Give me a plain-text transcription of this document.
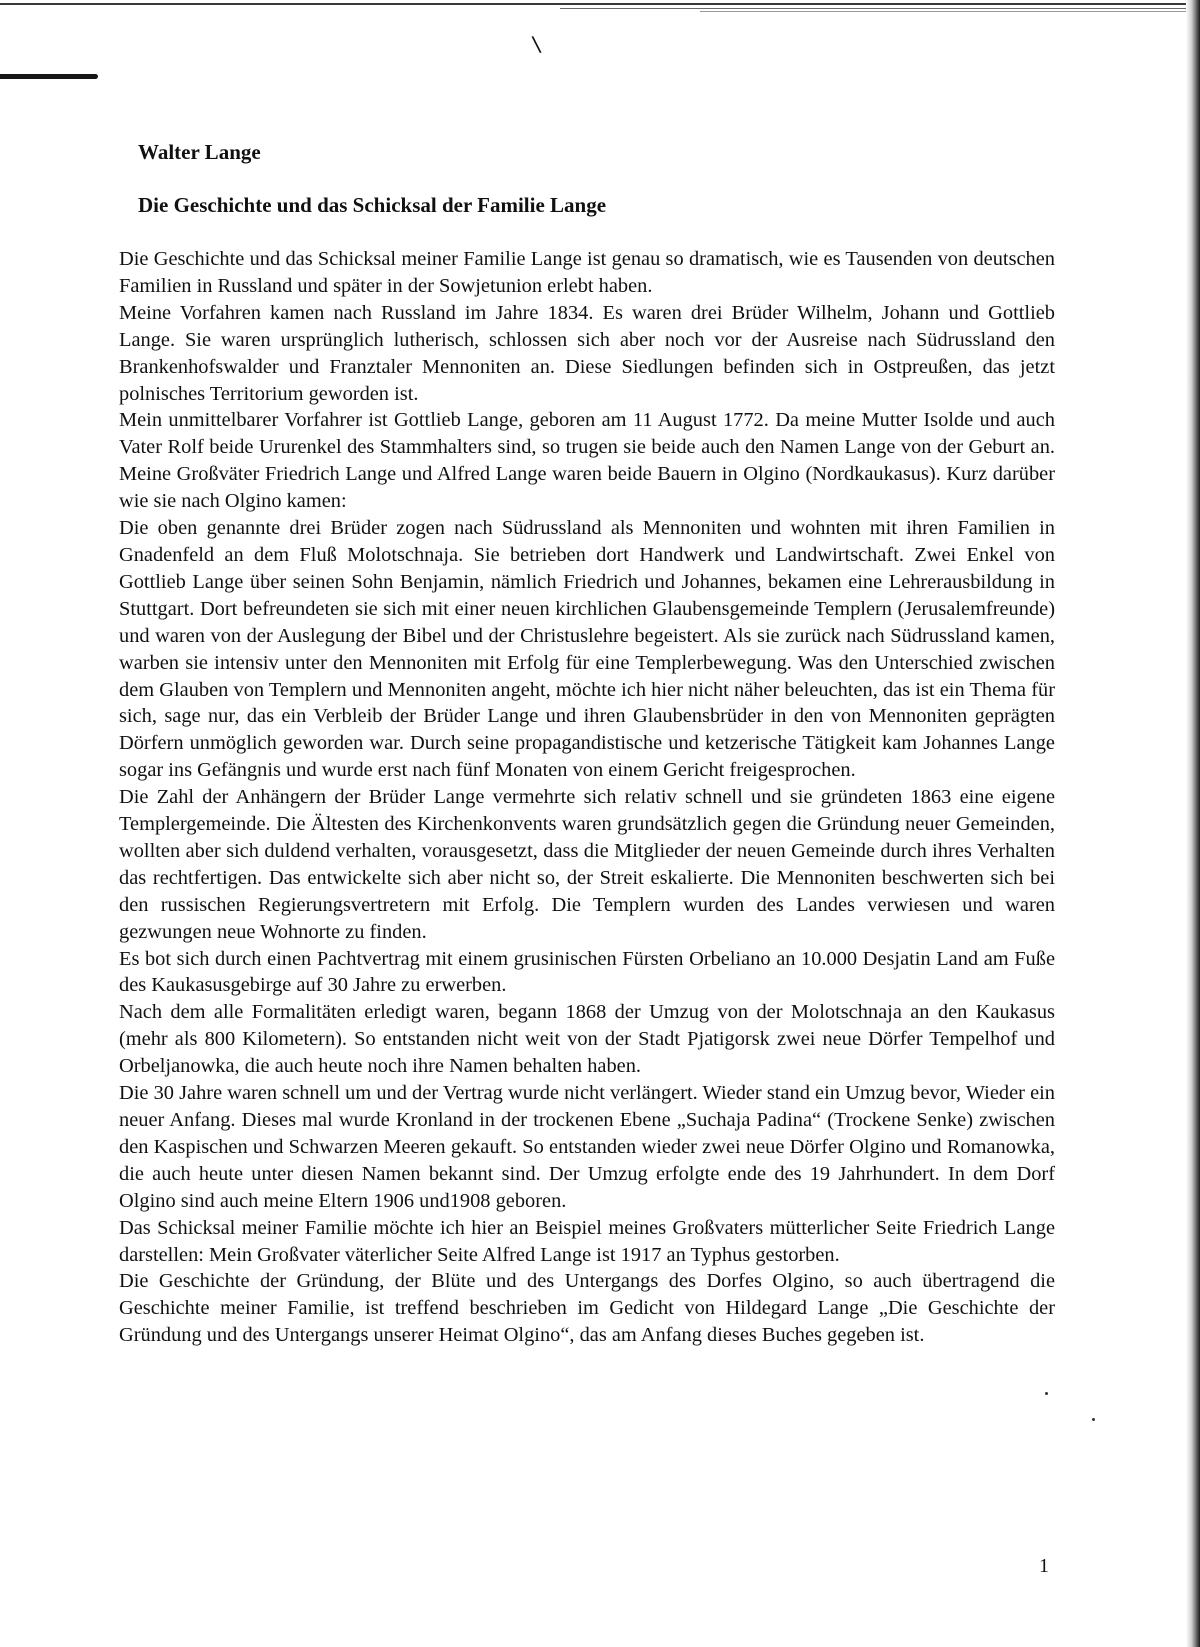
\
Walter Lange
Die Geschichte und das Schicksal der Familie Lange

Die Geschichte und das Schicksal meiner Familie Lange ist genau so dramatisch, wie es Tausenden von deutschen Familien in Russland und später in der Sowjetunion erlebt haben.

Meine Vorfahren kamen nach Russland im Jahre 1834. Es waren drei Brüder Wilhelm, Johann und Gottlieb Lange. Sie waren ursprünglich lutherisch, schlossen sich aber noch vor der Ausreise nach Südrussland den Brankenhofswalder und Franztaler Mennoniten an. Diese Siedlungen befinden sich in Ostpreußen, das jetzt polnisches Territorium geworden ist.

Mein unmittelbarer Vorfahrer ist Gottlieb Lange, geboren am 11 August 1772. Da meine Mutter Isolde und auch Vater Rolf beide Ururenkel des Stammhalters sind, so trugen sie beide auch den Namen Lange von der Geburt an. Meine Großväter Friedrich Lange und Alfred Lange waren beide Bauern in Olgino (Nordkaukasus). Kurz darüber wie sie nach Olgino kamen:

Die oben genannte drei Brüder zogen nach Südrussland als Mennoniten und wohnten mit ihren Familien in Gnadenfeld an dem Fluß Molotschnaja. Sie betrieben dort Handwerk und Landwirtschaft. Zwei Enkel von Gottlieb Lange über seinen Sohn Benjamin, nämlich Friedrich und Johannes, bekamen eine Lehrerausbildung in Stuttgart. Dort befreundeten sie sich mit einer neuen kirchlichen Glaubensgemeinde Templern (Jerusalemfreunde) und waren von der Auslegung der Bibel und der Christuslehre begeistert. Als sie zurück nach Südrussland kamen, warben sie intensiv unter den Mennoniten mit Erfolg für eine Templerbewegung. Was den Unterschied zwischen dem Glauben von Templern und Mennoniten angeht, möchte ich hier nicht näher beleuchten, das ist ein Thema für sich, sage nur, das ein Verbleib der Brüder Lange und ihren Glaubensbrüder in den von Mennoniten geprägten Dörfern unmöglich geworden war. Durch seine propagandistische und ketzerische Tätigkeit kam Johannes Lange sogar ins Gefängnis und wurde erst nach fünf Monaten von einem Gericht freigesprochen.

Die Zahl der Anhängern der Brüder Lange vermehrte sich relativ schnell und sie gründeten 1863 eine eigene Templergemeinde. Die Ältesten des Kirchenkonvents waren grundsätzlich gegen die Gründung neuer Gemeinden, wollten aber sich duldend verhalten, vorausgesetzt, dass die Mitglieder der neuen Gemeinde durch ihres Verhalten das rechtfertigen. Das entwickelte sich aber nicht so, der Streit eskalierte. Die Mennoniten beschwerten sich bei den russischen Regierungsvertretern mit Erfolg. Die Templern wurden des Landes verwiesen und waren gezwungen neue Wohnorte zu finden.

Es bot sich durch einen Pachtvertrag mit einem grusinischen Fürsten Orbeliano an 10.000 Desjatin Land am Fuße des Kaukasusgebirge auf 30 Jahre zu erwerben.

Nach dem alle Formalitäten erledigt waren, begann 1868 der Umzug von der Molotschnaja an den Kaukasus (mehr als 800 Kilometern). So entstanden nicht weit von der Stadt Pjatigorsk zwei neue Dörfer Tempelhof und Orbeljanowka, die auch heute noch ihre Namen behalten haben.

Die 30 Jahre waren schnell um und der Vertrag wurde nicht verlängert. Wieder stand ein Umzug bevor, Wieder ein neuer Anfang. Dieses mal wurde Kronland in der trockenen Ebene „Suchaja Padina“ (Trockene Senke) zwischen den Kaspischen und Schwarzen Meeren gekauft. So entstanden wieder zwei neue Dörfer Olgino und Romanowka, die auch heute unter diesen Namen bekannt sind. Der Umzug erfolgte ende des 19 Jahrhundert. In dem Dorf Olgino sind auch meine Eltern 1906 und1908 geboren.

Das Schicksal meiner Familie möchte ich hier an Beispiel meines Großvaters mütterlicher Seite Friedrich Lange darstellen: Mein Großvater väterlicher Seite Alfred Lange ist 1917 an Typhus gestorben.

Die Geschichte der Gründung, der Blüte und des Untergangs des Dorfes Olgino, so auch übertragend die Geschichte meiner Familie, ist treffend beschrieben im Gedicht von Hildegard Lange „Die Geschichte der Gründung und des Untergangs unserer Heimat Olgino“, das am Anfang dieses Buches gegeben ist.

1
